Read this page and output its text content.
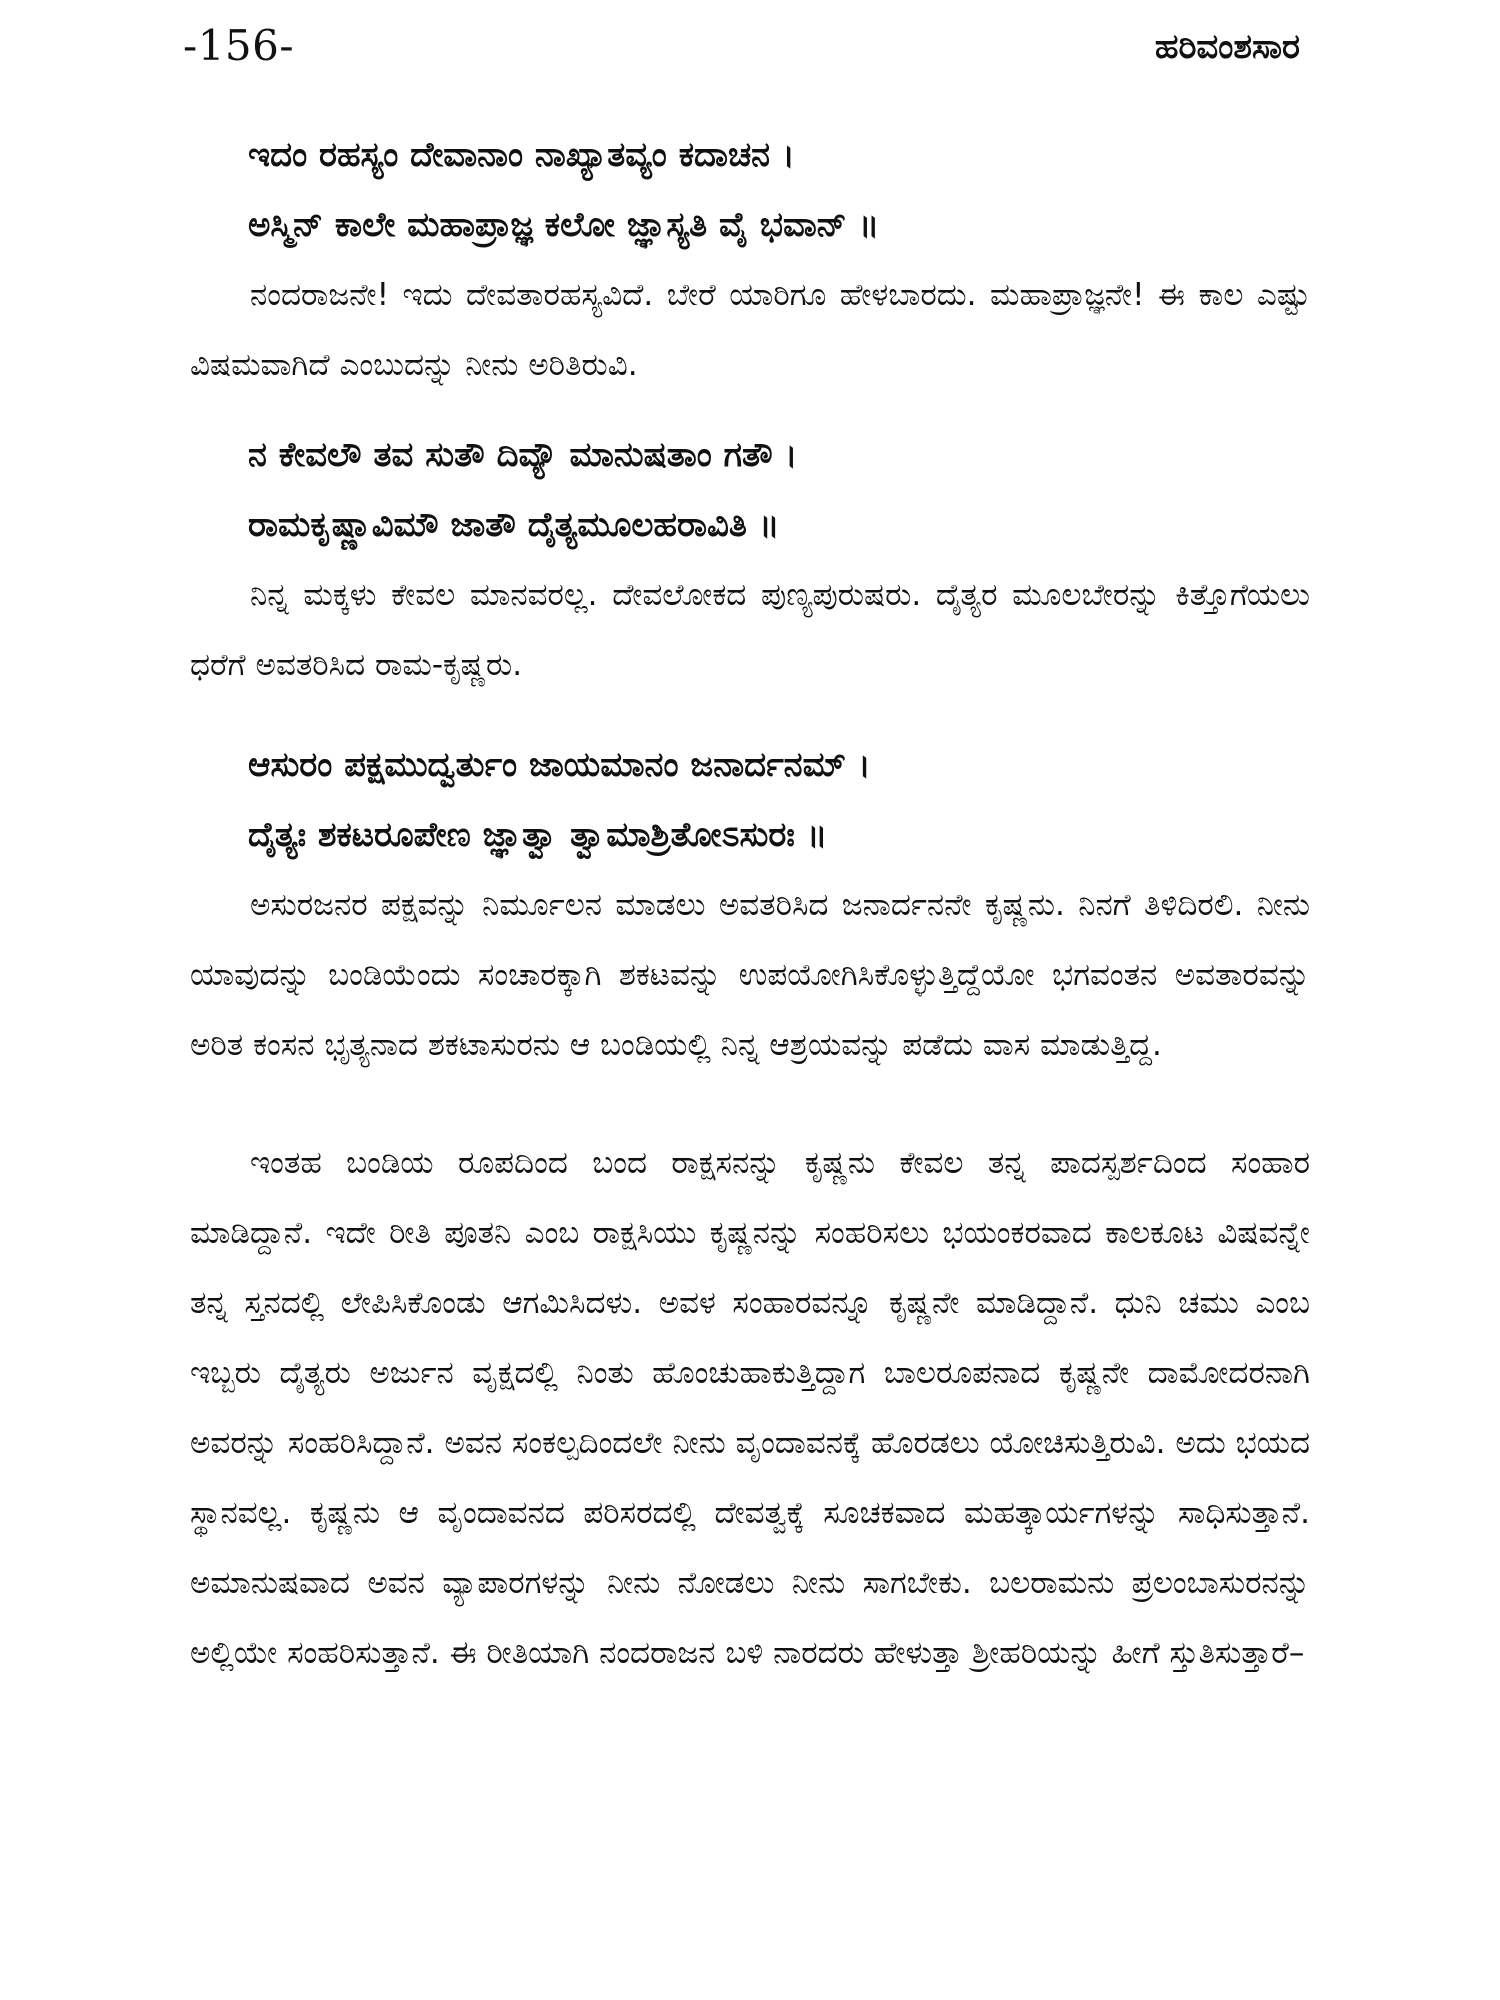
-156-	ಹರಿವಂಶಸಾರ
ಇದಂ ರಹಸ್ಯಂ ದೇವಾನಾಂ ನಾಖ್ಯಾತವ್ಯಂ ಕದಾಚನ ।
ಅಸ್ಮಿನ್ ಕಾಲೇ ಮಹಾಪ್ರಾಜ್ಞ ಕಲೋ ಜ್ಞಾಸ್ಯತಿ ವೈ ಭವಾನ್ ॥

ನಂದರಾಜನೇ! ಇದು ದೇವತಾರಹಸ್ಯವಿದೆ. ಬೇರೆ ಯಾರಿಗೂ ಹೇಳಬಾರದು. ಮಹಾಪ್ರಾಜ್ಞನೇ! ಈ ಕಾಲ ಎಷ್ಟು ವಿಷಮವಾಗಿದೆ ಎಂಬುದನ್ನು ನೀನು ಅರಿತಿರುವಿ.

ನ ಕೇವಲೌ ತವ ಸುತೌ ದಿವ್ಯೌ ಮಾನುಷತಾಂ ಗತೌ ।
ರಾಮಕೃಷ್ಣಾವಿಮೌ ಜಾತೌ ದೈತ್ಯಮೂಲಹರಾವಿತಿ ॥

ನಿನ್ನ ಮಕ್ಕಳು ಕೇವಲ ಮಾನವರಲ್ಲ. ದೇವಲೋಕದ ಪುಣ್ಯಪುರುಷರು. ದೈತ್ಯರ ಮೂಲಬೇರನ್ನು ಕಿತ್ತೊಗೆಯಲು ಧರೆಗೆ ಅವತರಿಸಿದ ರಾಮ-ಕೃಷ್ಣರು.

ಆಸುರಂ ಪಕ್ಷಮುದ್ವರ್ತುಂ ಜಾಯಮಾನಂ ಜನಾರ್ದನಮ್ ।
ದೈತ್ಯಃ ಶಕಟರೂಪೇಣ ಜ್ಞಾತ್ವಾ ತ್ವಾಮಾಶ್ರಿತೋಽಸುರಃ ॥

ಅಸುರಜನರ ಪಕ್ಷವನ್ನು ನಿರ್ಮೂಲನ ಮಾಡಲು ಅವತರಿಸಿದ ಜನಾರ್ದನನೇ ಕೃಷ್ಣನು. ನಿನಗೆ ತಿಳಿದಿರಲಿ. ನೀನು ಯಾವುದನ್ನು ಬಂಡಿಯೆಂದು ಸಂಚಾರಕ್ಕಾಗಿ ಶಕಟವನ್ನು ಉಪಯೋಗಿಸಿಕೊಳ್ಳುತ್ತಿದ್ದೆಯೋ ಭಗವಂತನ ಅವತಾರವನ್ನು ಅರಿತ ಕಂಸನ ಭೃತ್ಯನಾದ ಶಕಟಾಸುರನು ಆ ಬಂಡಿಯಲ್ಲಿ ನಿನ್ನ ಆಶ್ರಯವನ್ನು ಪಡೆದು ವಾಸ ಮಾಡುತ್ತಿದ್ದ.

ಇಂತಹ ಬಂಡಿಯ ರೂಪದಿಂದ ಬಂದ ರಾಕ್ಷಸನನ್ನು ಕೃಷ್ಣನು ಕೇವಲ ತನ್ನ ಪಾದಸ್ಪರ್ಶದಿಂದ ಸಂಹಾರ ಮಾಡಿದ್ದಾನೆ. ಇದೇ ರೀತಿ ಪೂತನಿ ಎಂಬ ರಾಕ್ಷಸಿಯು ಕೃಷ್ಣನನ್ನು ಸಂಹರಿಸಲು ಭಯಂಕರವಾದ ಕಾಲಕೂಟ ವಿಷವನ್ನೇ ತನ್ನ ಸ್ತನದಲ್ಲಿ ಲೇಪಿಸಿಕೊಂಡು ಆಗಮಿಸಿದಳು. ಅವಳ ಸಂಹಾರವನ್ನೂ ಕೃಷ್ಣನೇ ಮಾಡಿದ್ದಾನೆ. ಧುನಿ ಚಮು ಎಂಬ ಇಬ್ಬರು ದೈತ್ಯರು ಅರ್ಜುನ ವೃಕ್ಷದಲ್ಲಿ ನಿಂತು ಹೊಂಚುಹಾಕುತ್ತಿದ್ದಾಗ ಬಾಲರೂಪನಾದ ಕೃಷ್ಣನೇ ದಾಮೋದರನಾಗಿ ಅವರನ್ನು ಸಂಹರಿಸಿದ್ದಾನೆ. ಅವನ ಸಂಕಲ್ಪದಿಂದಲೇ ನೀನು ವೃಂದಾವನಕ್ಕೆ ಹೊರಡಲು ಯೋಚಿಸುತ್ತಿರುವಿ. ಅದು ಭಯದ ಸ್ಥಾನವಲ್ಲ. ಕೃಷ್ಣನು ಆ ವೃಂದಾವನದ ಪರಿಸರದಲ್ಲಿ ದೇವತ್ವಕ್ಕೆ ಸೂಚಕವಾದ ಮಹತ್ಕಾರ್ಯಗಳನ್ನು ಸಾಧಿಸುತ್ತಾನೆ. ಅಮಾನುಷವಾದ ಅವನ ವ್ಯಾಪಾರಗಳನ್ನು ನೀನು ನೋಡಲು ನೀನು ಸಾಗಬೇಕು. ಬಲರಾಮನು ಪ್ರಲಂಬಾಸುರನನ್ನು ಅಲ್ಲಿಯೇ ಸಂಹರಿಸುತ್ತಾನೆ. ಈ ರೀತಿಯಾಗಿ ನಂದರಾಜನ ಬಳಿ ನಾರದರು ಹೇಳುತ್ತಾ ಶ್ರೀಹರಿಯನ್ನು ಹೀಗೆ ಸ್ತುತಿಸುತ್ತಾರೆ–
